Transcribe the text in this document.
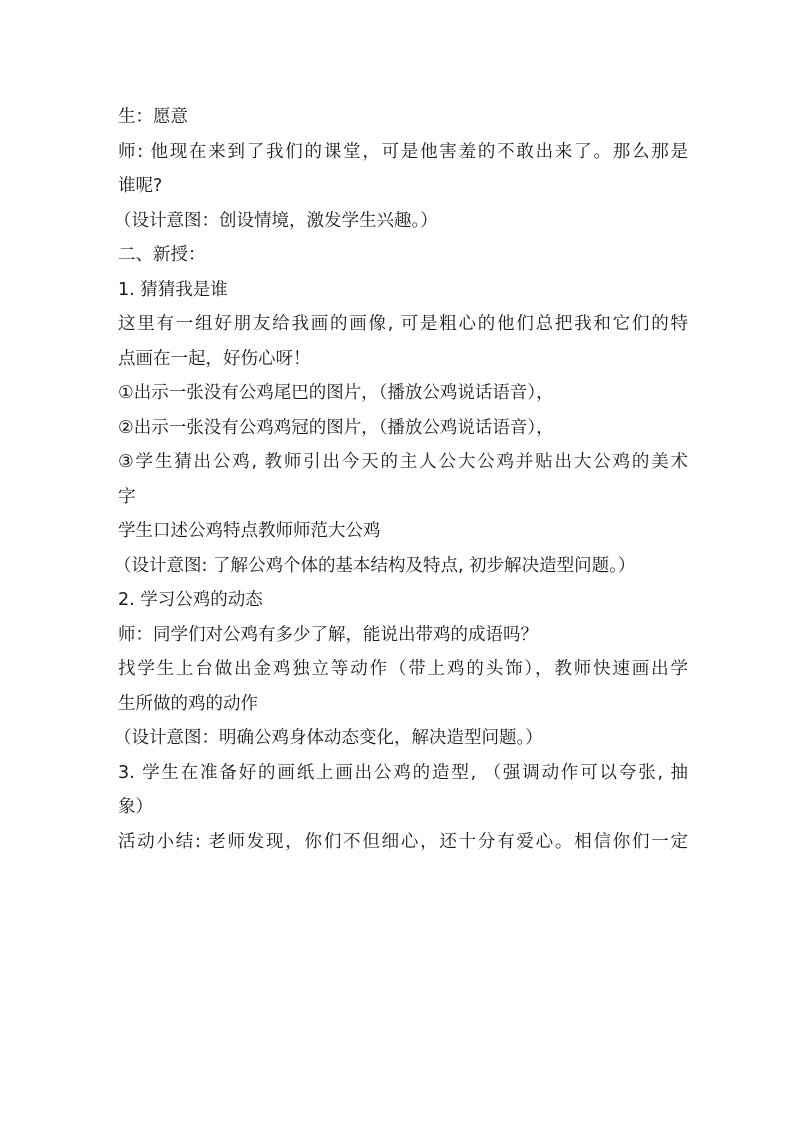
生：愿意
师: 他现在来到了我们的课堂，可是他害羞的不敢出来了。那么那是
谁呢?
（设计意图：创设情境，激发学生兴趣。）
二、新授：
1. 猜猜我是谁
这里有一组好朋友给我画的画像, 可是粗心的他们总把我和它们的特
点画在一起，好伤心呀！
①出示一张没有公鸡尾巴的图片，（播放公鸡说话语音），
②出示一张没有公鸡鸡冠的图片，（播放公鸡说话语音），
③学生猜出公鸡, 教师引出今天的主人公大公鸡并贴出大公鸡的美术
字
学生口述公鸡特点教师师范大公鸡
（设计意图: 了解公鸡个体的基本结构及特点, 初步解决造型问题。）
2. 学习公鸡的动态
师：同学们对公鸡有多少了解，能说出带鸡的成语吗？
找学生上台做出金鸡独立等动作（带上鸡的头饰），教师快速画出学
生所做的鸡的动作
（设计意图：明确公鸡身体动态变化，解决造型问题。）
3. 学生在准备好的画纸上画出公鸡的造型, （强调动作可以夸张, 抽
象）
活动小结: 老师发现，你们不但细心，还十分有爱心。相信你们一定
